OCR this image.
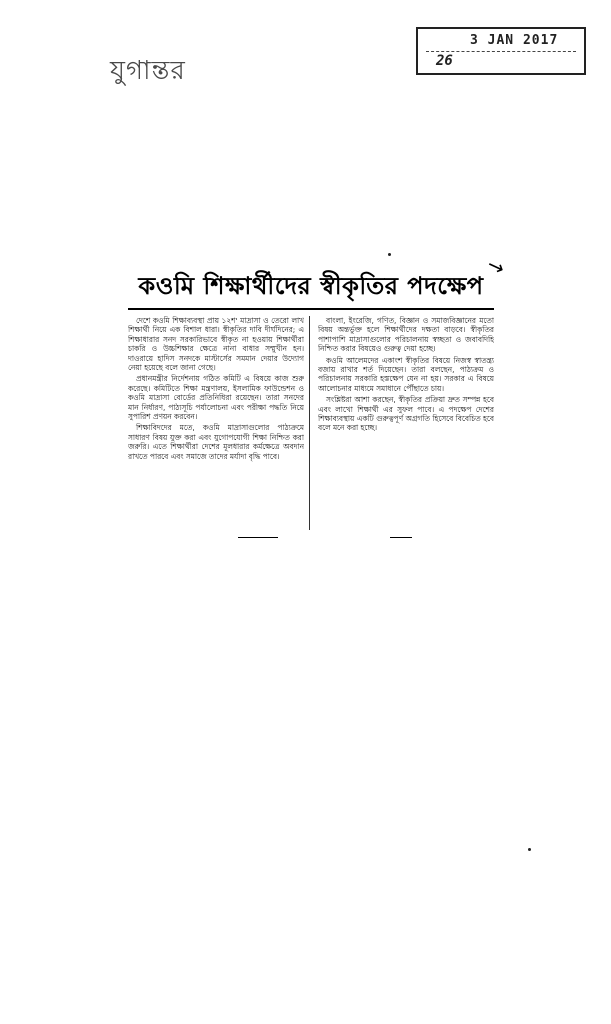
যুগান্তর
3 JAN 2017
26
কওমি শিক্ষার্থীদের স্বীকৃতির পদক্ষেপ
↘

দেশে কওমি শিক্ষাব্যবস্থা প্রায় ১২শ' মাদ্রাসা ও তেরো লাখ শিক্ষার্থী নিয়ে এক বিশাল ধারা। স্বীকৃতির দাবি দীর্ঘদিনের; এ শিক্ষাধারার সনদ সরকারিভাবে স্বীকৃত না হওয়ায় শিক্ষার্থীরা চাকরি ও উচ্চশিক্ষার ক্ষেত্রে নানা বাধার সম্মুখীন হন। দাওরায়ে হাদিস সনদকে মাস্টার্সের সমমান দেয়ার উদ্যোগ নেয়া হয়েছে বলে জানা গেছে।

প্রধানমন্ত্রীর নির্দেশনায় গঠিত কমিটি এ বিষয়ে কাজ শুরু করেছে। কমিটিতে শিক্ষা মন্ত্রণালয়, ইসলামিক ফাউন্ডেশন ও কওমি মাদ্রাসা বোর্ডের প্রতিনিধিরা রয়েছেন। তারা সনদের মান নির্ধারণ, পাঠ্যসূচি পর্যালোচনা এবং পরীক্ষা পদ্ধতি নিয়ে সুপারিশ প্রণয়ন করবেন।

শিক্ষাবিদদের মতে, কওমি মাদ্রাসাগুলোর পাঠ্যক্রমে সাধারণ বিষয় যুক্ত করা এবং যুগোপযোগী শিক্ষা নিশ্চিত করা জরুরি। এতে শিক্ষার্থীরা দেশের মূলধারার কর্মক্ষেত্রে অবদান রাখতে পারবে এবং সমাজে তাদের মর্যাদা বৃদ্ধি পাবে।

বাংলা, ইংরেজি, গণিত, বিজ্ঞান ও সমাজবিজ্ঞানের মতো বিষয় অন্তর্ভুক্ত হলে শিক্ষার্থীদের দক্ষতা বাড়বে। স্বীকৃতির পাশাপাশি মাদ্রাসাগুলোর পরিচালনায় স্বচ্ছতা ও জবাবদিহি নিশ্চিত করার বিষয়েও গুরুত্ব দেয়া হচ্ছে।

কওমি আলেমদের একাংশ স্বীকৃতির বিষয়ে নিজস্ব স্বাতন্ত্র্য বজায় রাখার শর্ত দিয়েছেন। তারা বলছেন, পাঠ্যক্রম ও পরিচালনায় সরকারি হস্তক্ষেপ যেন না হয়। সরকার এ বিষয়ে আলোচনার মাধ্যমে সমাধানে পৌঁছাতে চায়।

সংশ্লিষ্টরা আশা করছেন, স্বীকৃতির প্রক্রিয়া দ্রুত সম্পন্ন হবে এবং লাখো শিক্ষার্থী এর সুফল পাবে। এ পদক্ষেপ দেশের শিক্ষাব্যবস্থায় একটি গুরুত্বপূর্ণ অগ্রগতি হিসেবে বিবেচিত হবে বলে মনে করা হচ্ছে।
